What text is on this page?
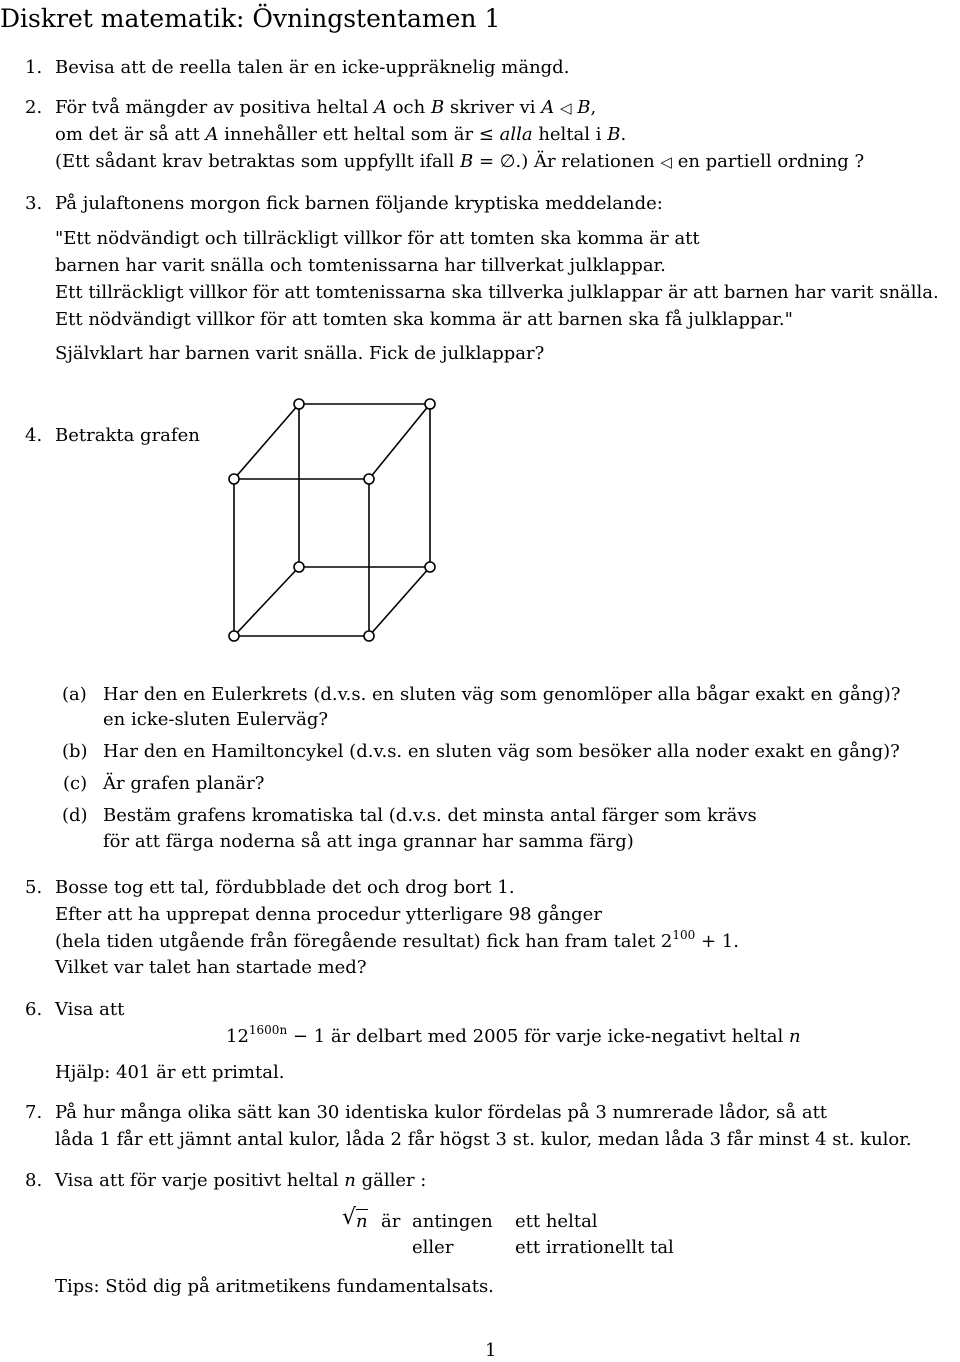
Diskret matematik: Övningstentamen 1
1. Bevisa att de reella talen är en icke-uppräknelig mängd.
2. För två mängder av positiva heltal A och B skriver vi A ◁ B,
om det är så att A innehåller ett heltal som är ≤ alla heltal i B.
(Ett sådant krav betraktas som uppfyllt ifall B = ∅.) Är relationen ◁ en partiell ordning ?
3. På julaftonens morgon fick barnen följande kryptiska meddelande:
"Ett nödvändigt och tillräckligt villkor för att tomten ska komma är att
barnen har varit snälla och tomtenissarna har tillverkat julklappar.
Ett tillräckligt villkor för att tomtenissarna ska tillverka julklappar är att barnen har varit snälla.
Ett nödvändigt villkor för att tomten ska komma är att barnen ska få julklappar."
Självklart har barnen varit snälla. Fick de julklappar?
4. Betrakta grafen
(a) Har den en Eulerkrets (d.v.s. en sluten väg som genomlöper alla bågar exakt en gång)?
en icke-sluten Eulerväg?
(b) Har den en Hamiltoncykel (d.v.s. en sluten väg som besöker alla noder exakt en gång)?
(c) Är grafen planär?
(d) Bestäm grafens kromatiska tal (d.v.s. det minsta antal färger som krävs
för att färga noderna så att inga grannar har samma färg)
5. Bosse tog ett tal, fördubblade det och drog bort 1.
Efter att ha upprepat denna procedur ytterligare 98 gånger
(hela tiden utgående från föregående resultat) fick han fram talet $2^{100} + 1$.
Vilket var talet han startade med?
6. Visa att
$12^{1600n} - 1$ är delbart med 2005 för varje icke-negativt heltal n
Hjälp: 401 är ett primtal.
7. På hur många olika sätt kan 30 identiska kulor fördelas på 3 numrerade lådor, så att
låda 1 får ett jämnt antal kulor, låda 2 får högst 3 st. kulor, medan låda 3 får minst 4 st. kulor.
8. Visa att för varje positivt heltal n gäller :
√ n är antingen ett heltal
eller	ett irrationellt tal
Tips: Stöd dig på aritmetikens fundamentalsats.
1
